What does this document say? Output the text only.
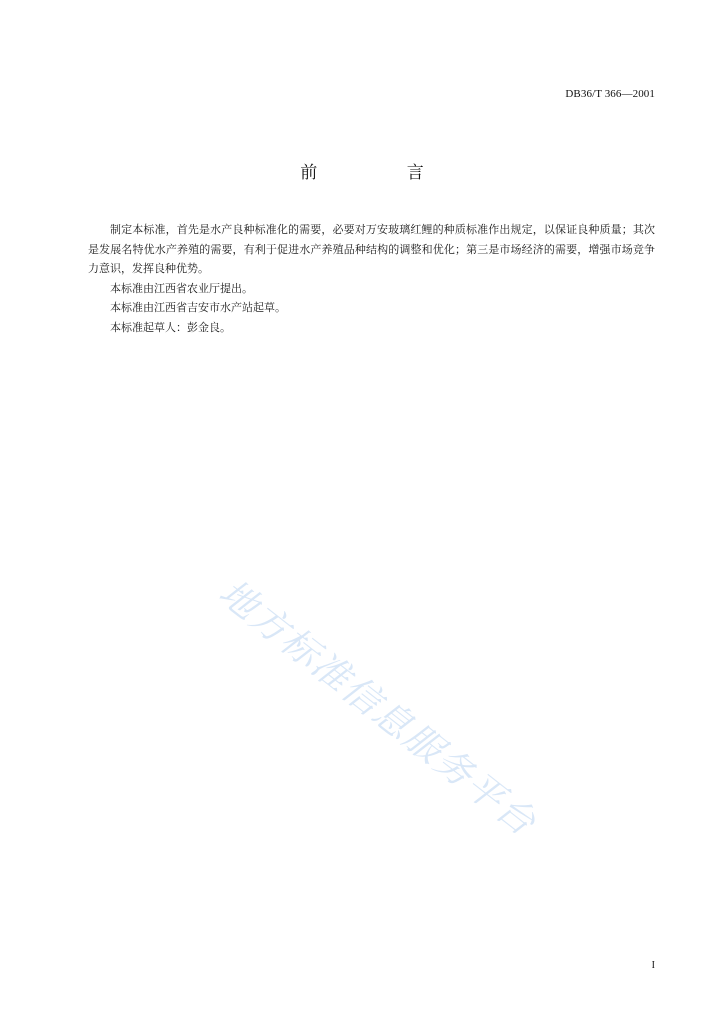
DB36/T 366—2001
前 言

制定本标准，首先是水产良种标准化的需要，必要对万安玻璃红鲤的种质标准作出规定，以保证良种质量；其次是发展名特优水产养殖的需要，有利于促进水产养殖品种结构的调整和优化；第三是市场经济的需要，增强市场竞争力意识，发挥良种优势。

本标准由江西省农业厅提出。

本标准由江西省吉安市水产站起草。

本标准起草人：彭金良。

地方标准信息服务平台
I
